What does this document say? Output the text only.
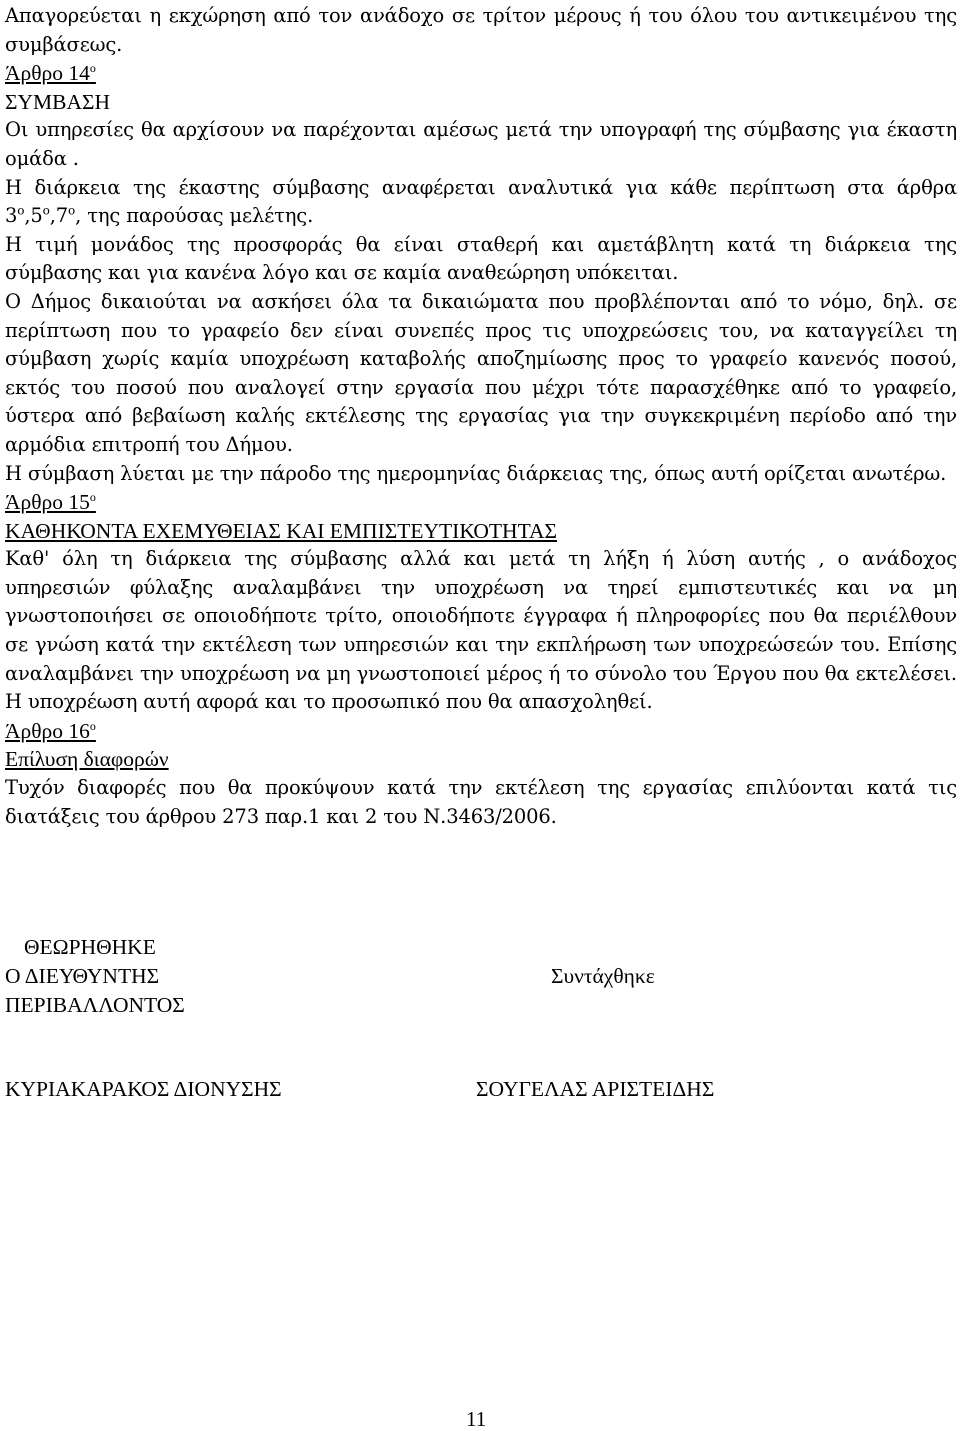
Απαγορεύεται η εκχώρηση από τον ανάδοχο σε τρίτον μέρους ή του όλου του αντικειμένου της συμβάσεως.

Άρθρο $14^o$
ΣΥΜΒΑΣΗ

Οι υπηρεσίες θα αρχίσουν να παρέχονται αμέσως μετά την υπογραφή της σύμβασης για έκαστη ομάδα .

Η διάρκεια της έκαστης σύμβασης αναφέρεται αναλυτικά για κάθε περίπτωση στα άρθρα $3^o,5^o,7^o$, της παρούσας μελέτης.

Η τιμή μονάδος της προσφοράς θα είναι σταθερή και αμετάβλητη κατά τη διάρκεια της σύμβασης και για κανένα λόγο και σε καμία αναθεώρηση υπόκειται.

Ο Δήμος δικαιούται να ασκήσει όλα τα δικαιώματα που προβλέπονται από το νόμο, δηλ. σε περίπτωση που το γραφείο δεν είναι συνεπές προς τις υποχρεώσεις του, να καταγγείλει τη σύμβαση χωρίς καμία υποχρέωση καταβολής αποζημίωσης προς το γραφείο κανενός ποσού, εκτός του ποσού που αναλογεί στην εργασία που μέχρι τότε παρασχέθηκε από το γραφείο, ύστερα από βεβαίωση καλής εκτέλεσης της εργασίας για την συγκεκριμένη περίοδο από την αρμόδια επιτροπή του Δήμου.

Η σύμβαση λύεται με την πάροδο της ημερομηνίας διάρκειας της, όπως αυτή ορίζεται ανωτέρω.

Άρθρο $15^o$
ΚΑΘΗΚΟΝΤΑ ΕΧΕΜΥΘΕΙΑΣ ΚΑΙ ΕΜΠΙΣΤΕΥΤΙΚΟΤΗΤΑΣ

Καθ' όλη τη διάρκεια της σύμβασης αλλά και μετά τη λήξη ή λύση αυτής , ο ανάδοχος υπηρεσιών φύλαξης αναλαμβάνει την υποχρέωση να τηρεί εμπιστευτικές και να μη γνωστοποιήσει σε οποιοδήποτε τρίτο, οποιοδήποτε έγγραφα ή πληροφορίες που θα περιέλθουν σε γνώση κατά την εκτέλεση των υπηρεσιών και την εκπλήρωση των υποχρεώσεών του. Επίσης αναλαμβάνει την υποχρέωση να μη γνωστοποιεί μέρος ή το σύνολο του Έργου που θα εκτελέσει. Η υποχρέωση αυτή αφορά και το προσωπικό που θα απασχοληθεί.

Άρθρο $16^o$
Επίλυση διαφορών

Τυχόν διαφορές που θα προκύψουν κατά την εκτέλεση της εργασίας επιλύονται κατά τις διατάξεις του άρθρου 273 παρ.1 και 2 του Ν.3463/2006.

ΘΕΩΡΗΘΗΚΕ
Ο ΔΙΕΥΘΥΝΤΗΣ
ΠΕΡΙΒΑΛΛΟΝΤΟΣ
Συντάχθηκε
ΚΥΡΙΑΚΑΡΑΚΟΣ ΔΙΟΝΥΣΗΣ	ΣΟΥΓΕΛΑΣ ΑΡΙΣΤΕΙΔΗΣ
11
